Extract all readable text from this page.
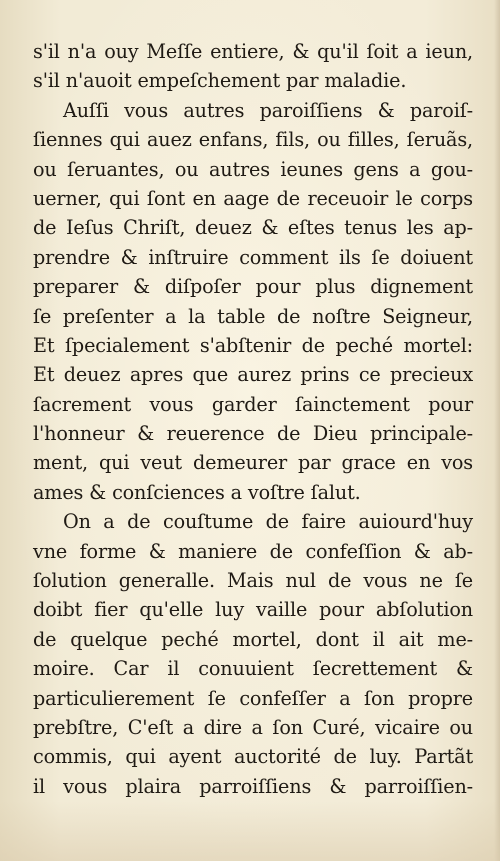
s'il n'a ouy Meſſe entiere, & qu'il ſoit a ieun,
s'il n'auoit empeſchement par maladie.
Auſſi vous autres paroiſſiens & paroiſ-
ſiennes qui auez enfans, fils, ou filles, ſeruãs,
ou ſeruantes, ou autres ieunes gens a gou-
uerner, qui ſont en aage de receuoir le corps
de Ieſus Chriſt, deuez & eſtes tenus les ap-
prendre & inſtruire comment ils ſe doiuent
preparer & diſpoſer pour plus dignement
ſe preſenter a la table de noſtre Seigneur,
Et ſpecialement s'abſtenir de peché mortel:
Et deuez apres que aurez prins ce precieux
ſacrement vous garder ſainctement pour
l'honneur & reuerence de Dieu principale-
ment, qui veut demeurer par grace en vos
ames & conſciences a voſtre ſalut.
On a de couſtume de faire auiourd'huy
vne forme & maniere de confeſſion & ab-
ſolution generalle. Mais nul de vous ne ſe
doibt fier qu'elle luy vaille pour abſolution
de quelque peché mortel, dont il ait me-
moire. Car il conuuient ſecrettement &
particulierement ſe confeſſer a ſon propre
prebſtre, C'eſt a dire a ſon Curé, vicaire ou
commis, qui ayent auctorité de luy. Partãt
il vous plaira parroiſſiens & parroiſſien-
